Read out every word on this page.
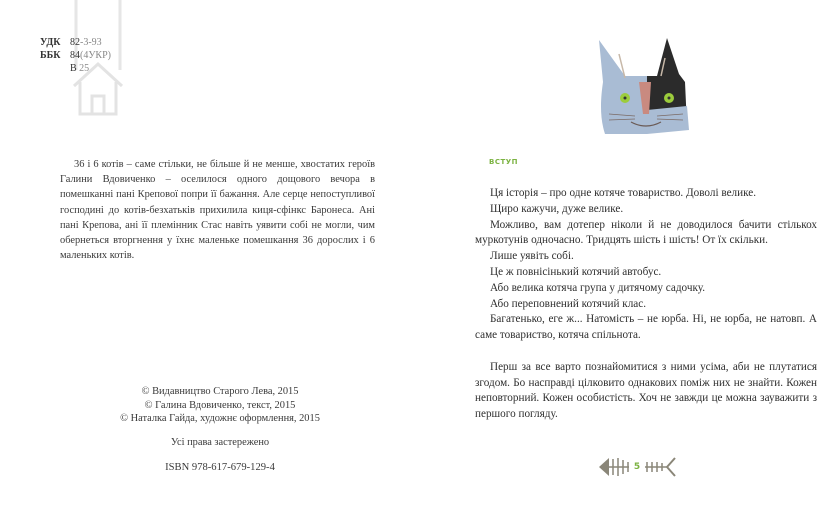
УДК 82-3-93
ББК 84(4УКР)
В 25

36 і 6 котів – саме стільки, не більше й не менше, хвостатих героїв Галини Вдовиченко – оселилося одного дощового вечора в помешканні пані Крепової попри її бажання. Але серце непоступливої господині до котів-безхатьків прихилила киця-сфінкс Баронеса. Ані пані Крепова, ані її племінник Стас навіть уявити собі не могли, чим обернеться вторгнення у їхнє маленьке помешкання 36 дорослих і 6 маленьких котів.

© Видавництво Старого Лева, 2015
© Галина Вдовиченко, текст, 2015
© Наталка Гайда, художнє оформлення, 2015
Усі права застережено
ISBN 978-617-679-129-4
вступ

Ця історія – про одне котяче товариство. Доволі велике.

Щиро кажучи, дуже велике.

Можливо, вам дотепер ніколи й не доводилося бачити стількох муркотунів одночасно. Тридцять шість і шість! От їх скільки.

Лише уявіть собі.

Це ж повнісінький котячий автобус.

Або велика котяча група у дитячому садочку.

Або переповнений котячий клас.

Багатенько, еге ж... Натомість – не юрба. Ні, не юрба, не натовп. А саме товариство, котяча спільнота.

Перш за все варто познайомитися з ними усіма, аби не плутатися згодом. Бо насправді цілковито однакових поміж них не знайти. Кожен неповторний. Кожен особистість. Хоч не завжди це можна зауважити з першого погляду.

5
